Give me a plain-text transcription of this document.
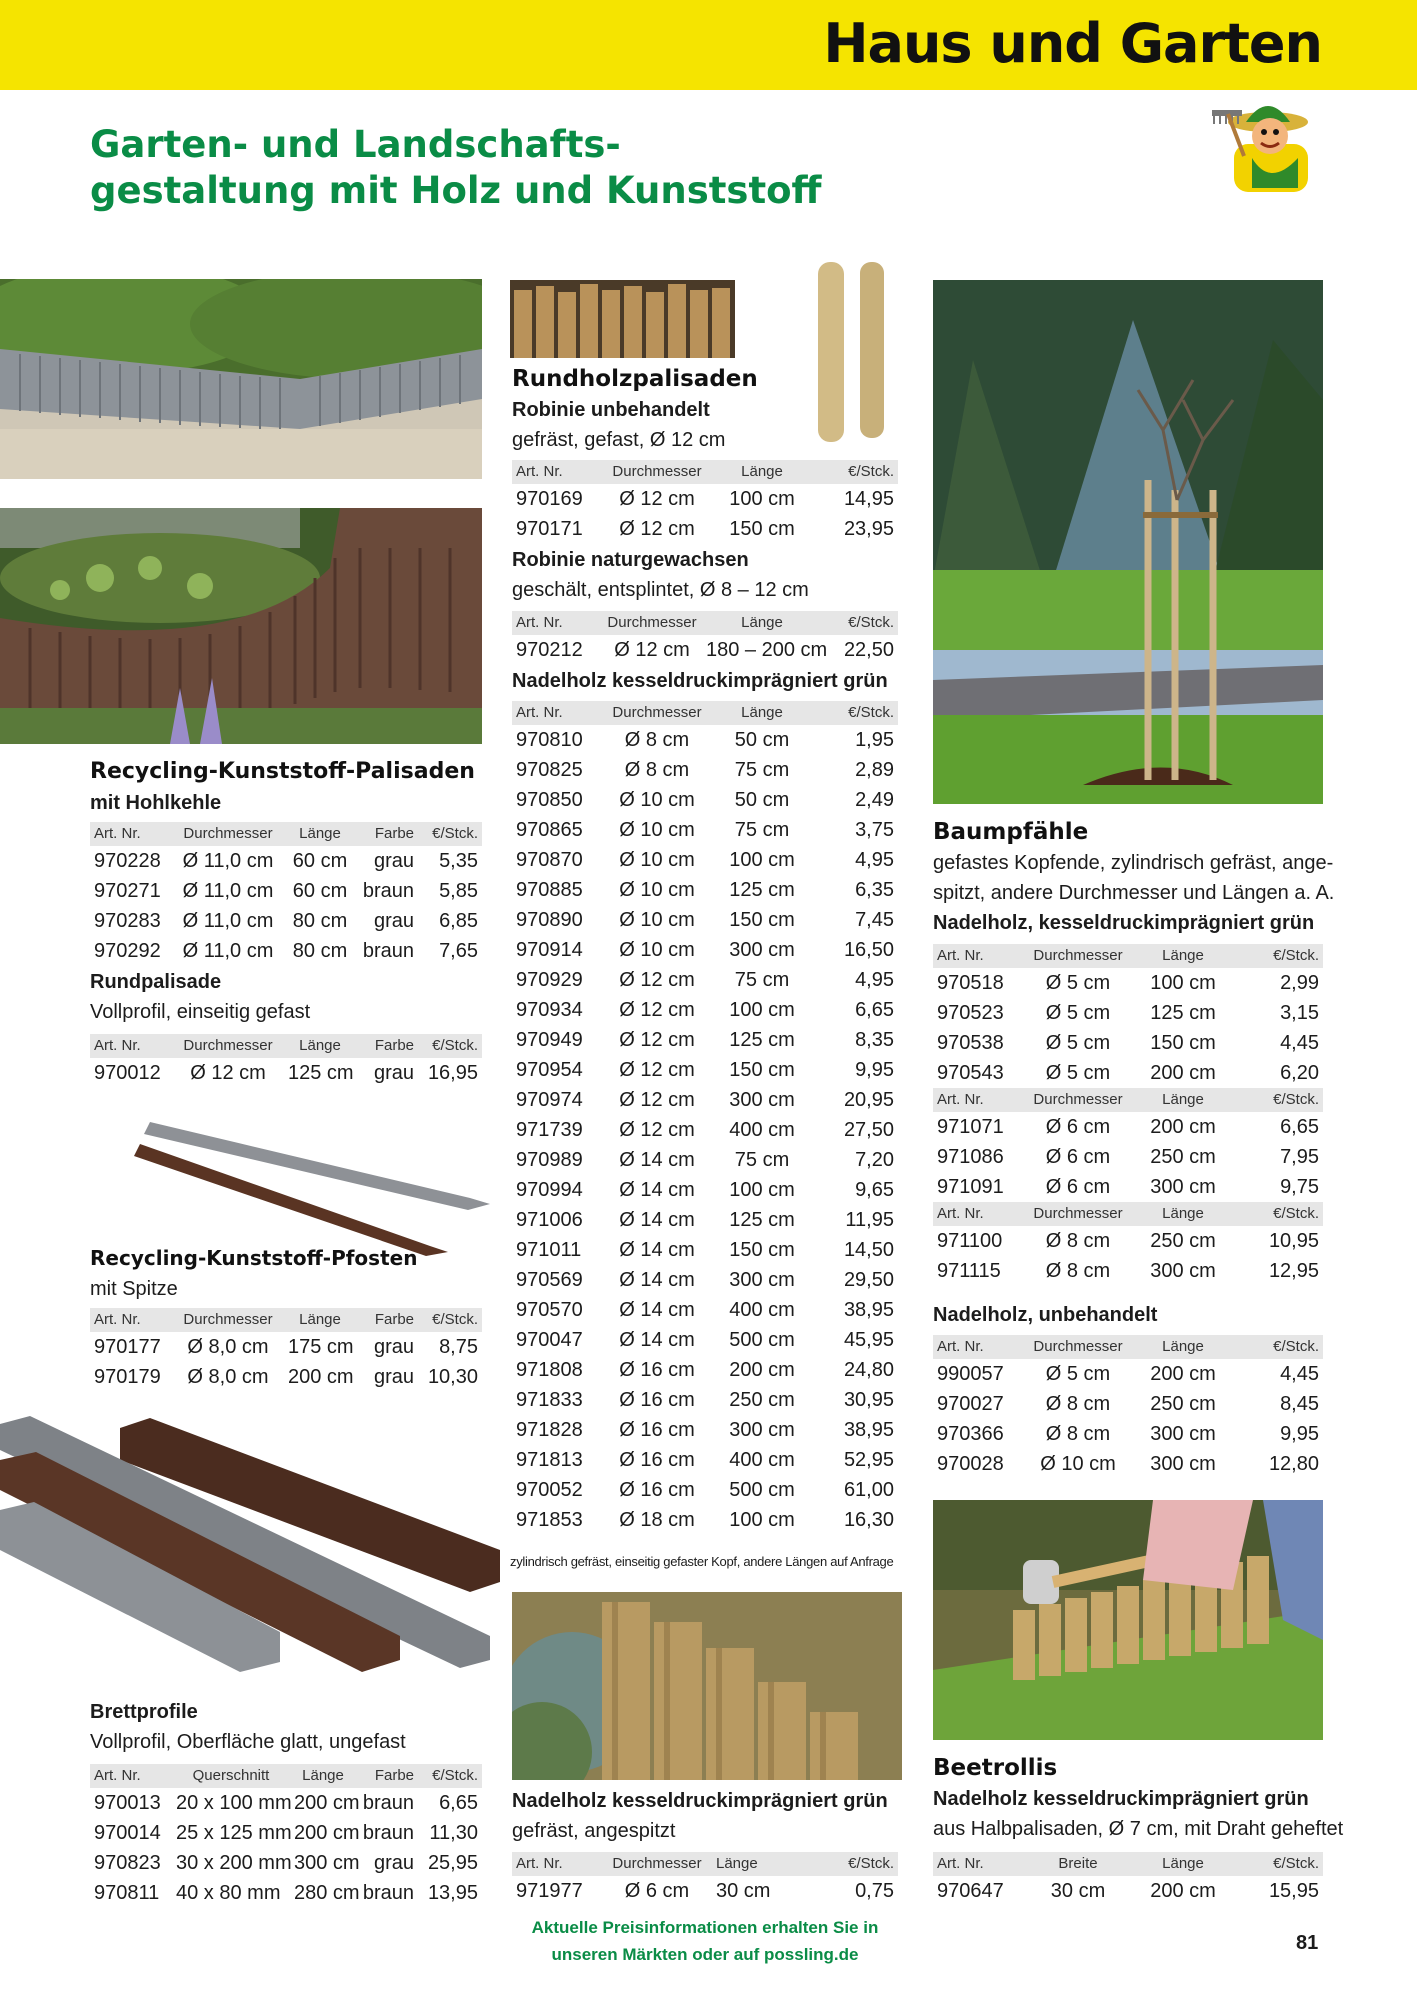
Haus und Garten
Garten- und Landschafts-
gestaltung mit Holz und Kunststoff
Recycling-Kunststoff-Palisaden
mit Hohlkehle
Art. Nr.	Durchmesser	Länge	Farbe	€/Stck.
970228	Ø 11,0 cm	60 cm	grau	5,35
970271	Ø 11,0 cm	60 cm	braun	5,85
970283	Ø 11,0 cm	80 cm	grau	6,85
970292	Ø 11,0 cm	80 cm	braun	7,65
Rundpalisade
Vollprofil, einseitig gefast
Art. Nr.	Durchmesser	Länge	Farbe	€/Stck.
970012	Ø 12 cm	125 cm	grau	16,95
Recycling-Kunststoff-Pfosten
mit Spitze
Art. Nr.	Durchmesser	Länge	Farbe	€/Stck.
970177	Ø 8,0 cm	175 cm	grau	8,75
970179	Ø 8,0 cm	200 cm	grau	10,30
Brettprofile
Vollprofil, Oberfläche glatt, ungefast
Art. Nr.	Querschnitt	Länge	Farbe	€/Stck.
970013	20 x 100 mm	200 cm	braun	6,65
970014	25 x 125 mm	200 cm	braun	11,30
970823	30 x 200 mm	300 cm	grau	25,95
970811	40 x 80 mm	280 cm	braun	13,95
Rundholzpalisaden
Robinie unbehandelt
gefräst, gefast, Ø 12 cm
Art. Nr.	Durchmesser	Länge	€/Stck.
970169	Ø 12 cm	100 cm	14,95
970171	Ø 12 cm	150 cm	23,95
Robinie naturgewachsen
geschält, entsplintet, Ø 8 – 12 cm
Art. Nr.	Durchmesser	Länge	€/Stck.
970212	Ø 12 cm	180 – 200 cm	22,50
Nadelholz kesseldruckimprägniert grün
Art. Nr.	Durchmesser	Länge	€/Stck.
970810	Ø 8 cm	50 cm	1,95
970825	Ø 8 cm	75 cm	2,89
970850	Ø 10 cm	50 cm	2,49
970865	Ø 10 cm	75 cm	3,75
970870	Ø 10 cm	100 cm	4,95
970885	Ø 10 cm	125 cm	6,35
970890	Ø 10 cm	150 cm	7,45
970914	Ø 10 cm	300 cm	16,50
970929	Ø 12 cm	75 cm	4,95
970934	Ø 12 cm	100 cm	6,65
970949	Ø 12 cm	125 cm	8,35
970954	Ø 12 cm	150 cm	9,95
970974	Ø 12 cm	300 cm	20,95
971739	Ø 12 cm	400 cm	27,50
970989	Ø 14 cm	75 cm	7,20
970994	Ø 14 cm	100 cm	9,65
971006	Ø 14 cm	125 cm	11,95
971011	Ø 14 cm	150 cm	14,50
970569	Ø 14 cm	300 cm	29,50
970570	Ø 14 cm	400 cm	38,95
970047	Ø 14 cm	500 cm	45,95
971808	Ø 16 cm	200 cm	24,80
971833	Ø 16 cm	250 cm	30,95
971828	Ø 16 cm	300 cm	38,95
971813	Ø 16 cm	400 cm	52,95
970052	Ø 16 cm	500 cm	61,00
971853	Ø 18 cm	100 cm	16,30
zylindrisch gefräst, einseitig gefaster Kopf, andere Längen auf Anfrage
Nadelholz kesseldruckimprägniert grün
gefräst, angespitzt
Art. Nr.	Durchmesser	Länge	€/Stck.
971977	Ø 6 cm	30 cm	0,75
Aktuelle Preisinformationen erhalten Sie in
unseren Märkten oder auf possling.de
Baumpfähle
gefastes Kopfende, zylindrisch gefräst, ange-
spitzt, andere Durchmesser und Längen a. A.
Nadelholz, kesseldruckimprägniert grün
Art. Nr.	Durchmesser	Länge	€/Stck.
970518	Ø 5 cm	100 cm	2,99
970523	Ø 5 cm	125 cm	3,15
970538	Ø 5 cm	150 cm	4,45
970543	Ø 5 cm	200 cm	6,20
Art. Nr.	Durchmesser	Länge	€/Stck.
971071	Ø 6 cm	200 cm	6,65
971086	Ø 6 cm	250 cm	7,95
971091	Ø 6 cm	300 cm	9,75
Art. Nr.	Durchmesser	Länge	€/Stck.
971100	Ø 8 cm	250 cm	10,95
971115	Ø 8 cm	300 cm	12,95
Nadelholz, unbehandelt
Art. Nr.	Durchmesser	Länge	€/Stck.
990057	Ø 5 cm	200 cm	4,45
970027	Ø 8 cm	250 cm	8,45
970366	Ø 8 cm	300 cm	9,95
970028	Ø 10 cm	300 cm	12,80
Beetrollis
Nadelholz kesseldruckimprägniert grün
aus Halbpalisaden, Ø 7 cm, mit Draht geheftet
Art. Nr.	Breite	Länge	€/Stck.
970647	30 cm	200 cm	15,95
81
